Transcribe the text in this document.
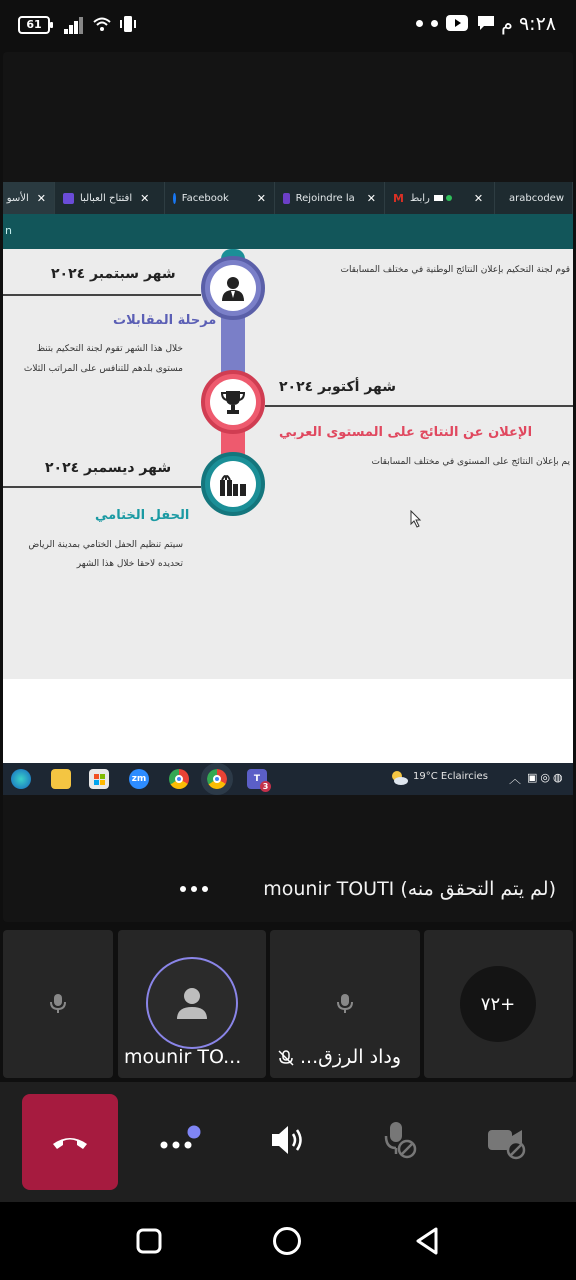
61	٩:٢٨ م
الأسو ✕	افتتاح العبالبا ✕	Facebook	✕	Rejoindre la ✕ M رابط	✕	arabcodew
n
قوم لجنة التحكيم بإعلان النتائج الوطنية في مختلف المسابقات
شهر سبتمبر ٢٠٢٤
مرحلة المقابلات
خلال هذا الشهر تقوم لجنة التحكيم بتنظ
مستوى بلدهم للتنافس على المراتب الثلاث
شهر أكتوبر ٢٠٢٤
الإعلان عن النتائج على المستوى العربي
يم بإعلان النتائج على المستوى في مختلف المسابقات
شهر ديسمبر ٢٠٢٤
الحفل الختامي
سيتم تنظيم الحفل الختامي بمدينة الرياض
تحديده لاحقا خلال هذا الشهر
zm	T
3
19°C Eclaircies ︿ ▣◎◍
mounir TOUTI (لم يتم التحقق منه)
mounir TO...	وداد الرزق...
٧٢+
